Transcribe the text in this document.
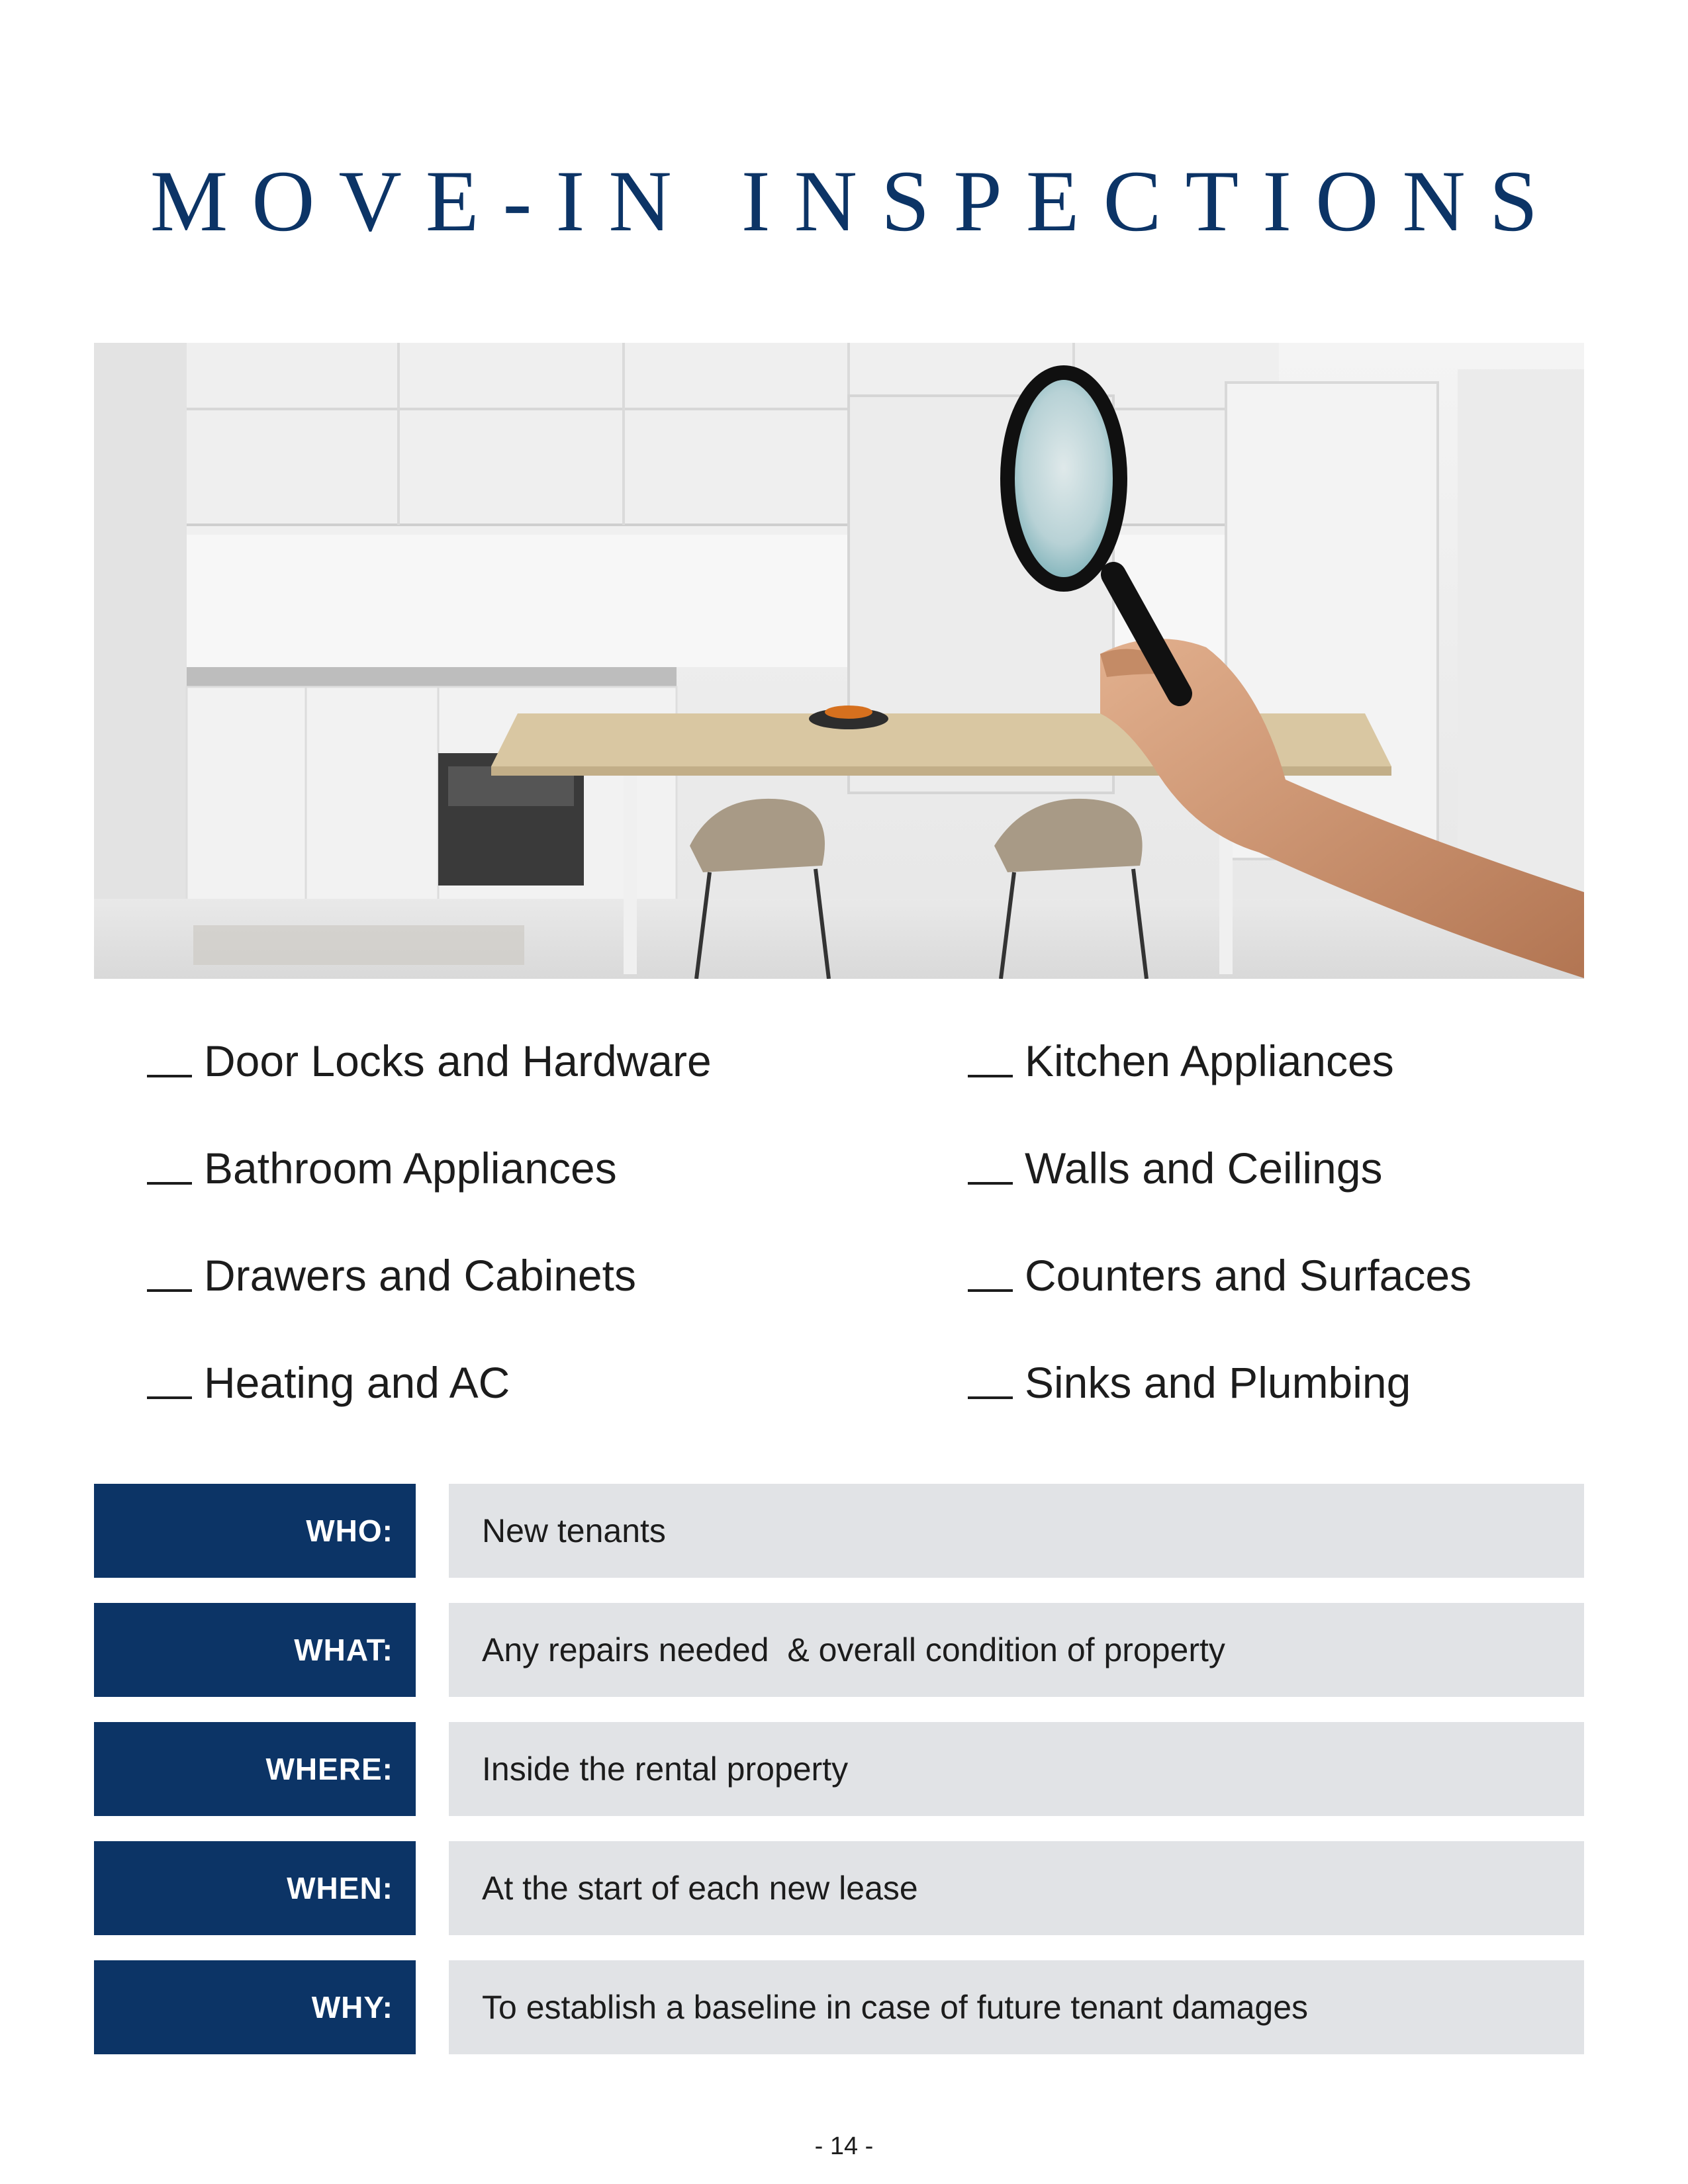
MOVE-IN INSPECTIONS
Door Locks and Hardware
Bathroom Appliances
Drawers and Cabinets
Heating and AC
Kitchen Appliances
Walls and Ceilings
Counters and Surfaces
Sinks and Plumbing
WHO:	New tenants
WHAT:	Any repairs needed  & overall condition of property
WHERE:	Inside the rental property
WHEN:	At the start of each new lease
WHY:	To establish a baseline in case of future tenant damages
- 14 -
